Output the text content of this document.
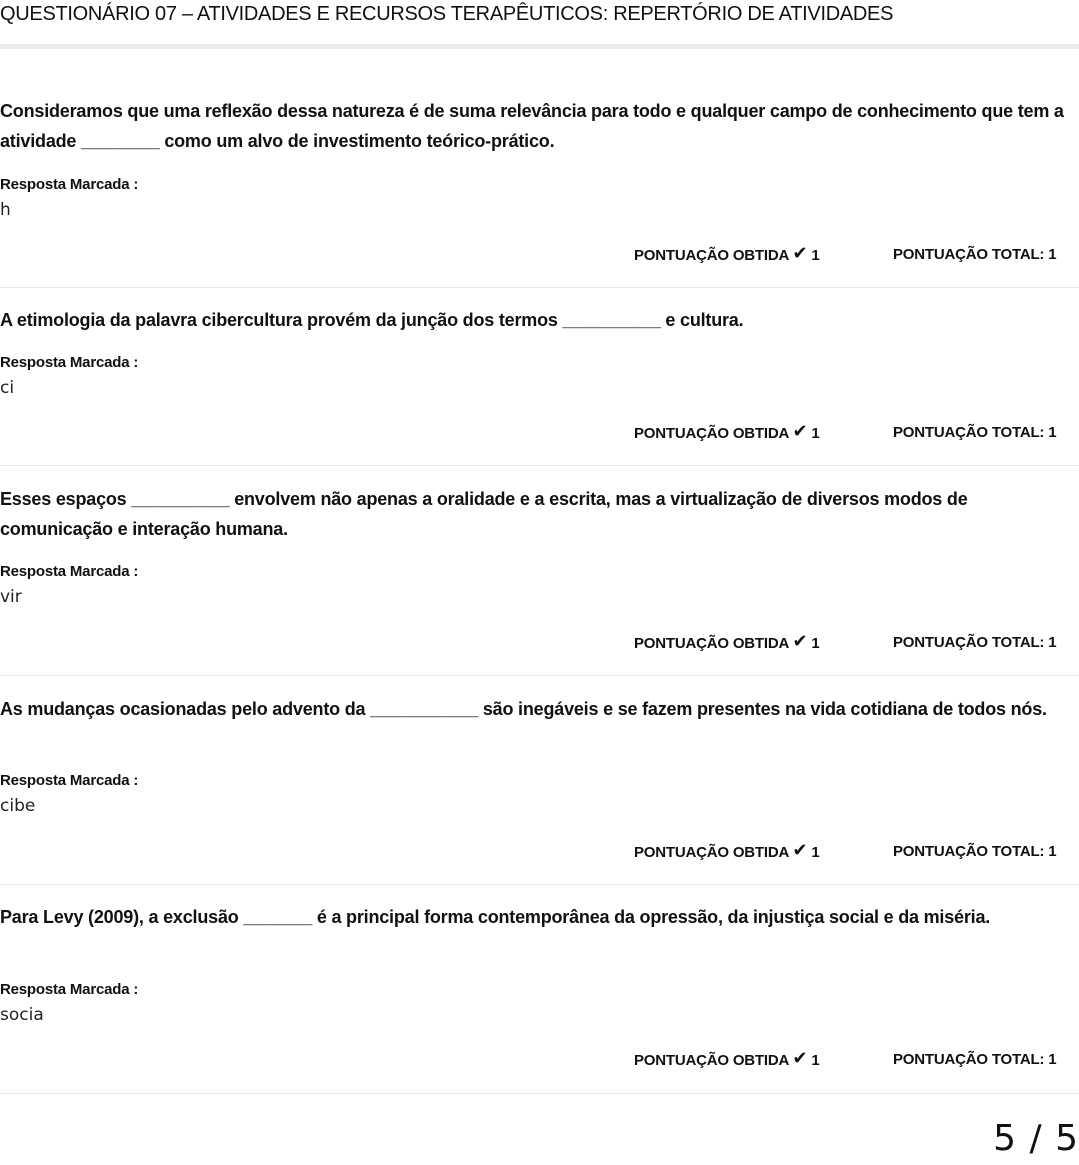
QUESTIONÁRIO 07 – ATIVIDADES E RECURSOS TERAPÊUTICOS: REPERTÓRIO DE ATIVIDADES
Consideramos que uma reflexão dessa natureza é de suma relevância para todo e qualquer campo de conhecimento que tem a atividade ________ como um alvo de investimento teórico-prático.
Resposta Marcada :
h
PONTUAÇÃO OBTIDA ✔ 1	PONTUAÇÃO TOTAL: 1
A etimologia da palavra cibercultura provém da junção dos termos __________ e cultura.
Resposta Marcada :
ci
PONTUAÇÃO OBTIDA ✔ 1	PONTUAÇÃO TOTAL: 1
Esses espaços __________ envolvem não apenas a oralidade e a escrita, mas a virtualização de diversos modos de comunicação e interação humana.
Resposta Marcada :
vir
PONTUAÇÃO OBTIDA ✔ 1	PONTUAÇÃO TOTAL: 1
As mudanças ocasionadas pelo advento da ___________ são inegáveis e se fazem presentes na vida cotidiana de todos nós.
Resposta Marcada :
cibe
PONTUAÇÃO OBTIDA ✔ 1	PONTUAÇÃO TOTAL: 1
Para Levy (2009), a exclusão _______ é a principal forma contemporânea da opressão, da injustiça social e da miséria.
Resposta Marcada :
socia
PONTUAÇÃO OBTIDA ✔ 1	PONTUAÇÃO TOTAL: 1
5 / 5
